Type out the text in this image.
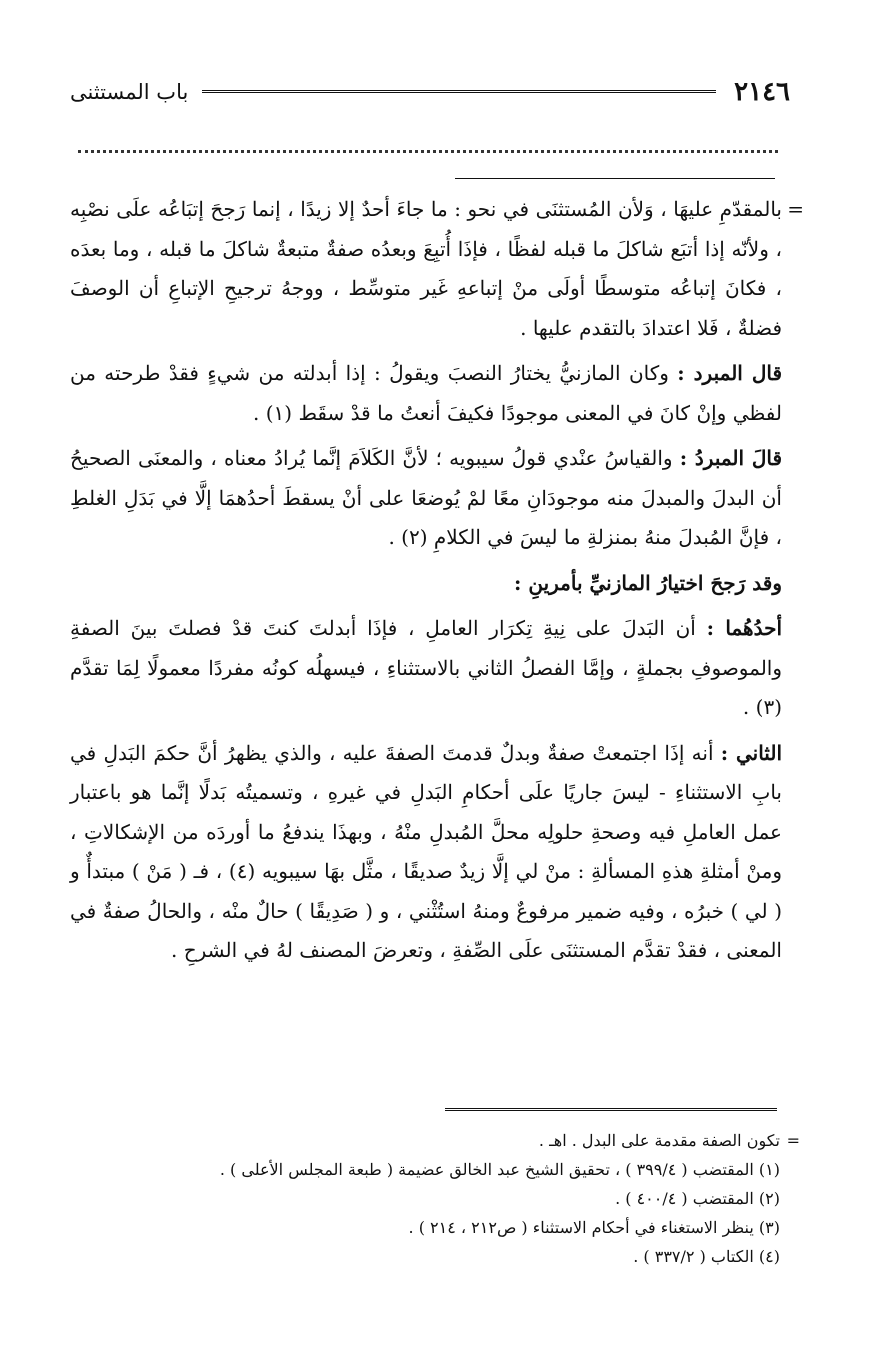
٢١٤٦
باب المستثنى
=

بالمقدّمِ عليهَا ، وَلأن المُستثنَى في نحو : ما جاءَ أحدٌ إلا زيدًا ، إنما رَجحَ إتبَاعُه علَى نصْبِه ، ولأنّه إذا أتبَع شاكلَ ما قبله لفظًا ، فإذَا أُتبِعَ وبعدُه صفةٌ متبعةٌ شاكلَ ما قبله ، وما بعدَه ، فكانَ إتباعُه متوسطًا أولَى منْ إتباعهِ غَير متوسِّط ، ووجهُ ترجيحِ الإتباعِ أن الوصفَ فضلةٌ ، فَلا اعتدادَ بالتقدم عليها .

قال المبرد : وكان المازنيُّ يختارُ النصبَ ويقولُ : إذا أبدلته من شيءٍ فقدْ طرحته من لفظي وإنْ كانَ في المعنى موجودًا فكيفَ أنعتُ ما قدْ سقَط (١) .

قالَ المبردُ : والقياسُ عنْدي قولُ سيبويه ؛ لأنَّ الكَلاَمَ إنَّما يُرادُ معناه ، والمعنَى الصحيحُ أن البدلَ والمبدلَ منه موجودَانِ معًا لمْ يُوضعَا على أنْ يسقطَ أحدُهمَا إلَّا في بَدَلِ الغلطِ ، فإنَّ المُبدلَ منهُ بمنزلةِ ما ليسَ في الكلامِ (٢) .

وقد رَجحَ اختيارُ المازنيِّ بأمرينِ :

أحدُهُما : أن البَدلَ على نِيةِ تِكرَار العاملِ ، فإذَا أبدلتَ كنتَ قدْ فصلتَ بينَ الصفةِ والموصوفِ بجملةٍ ، وإمَّا الفصلُ الثاني بالاستثناءِ ، فيسهلُه كونُه مفردًا معمولًا لِمَا تقدَّم (٣) .

الثاني : أنه إذَا اجتمعتْ صفةٌ وبدلٌ قدمتَ الصفةَ عليه ، والذي يظهرُ أنَّ حكمَ البَدلِ في بابِ الاستثناءِ - ليسَ جاريًا علَى أحكامِ البَدلِ في غيرهِ ، وتسميتُه بَدلًا إنَّما هو باعتبار عمل العاملِ فيه وصحةِ حلولِه محلَّ المُبدلِ منْهُ ، وبهذَا يندفعُ ما أوردَه من الإشكالاتِ ، ومنْ أمثلةِ هذهِ المسألةِ : منْ لي إلَّا زيدٌ صديقًا ، مثَّل بهَا سيبويه (٤) ، فـ ( مَنْ ) مبتدأٌ و ( لي ) خبرُه ، وفيه ضمير مرفوعٌ ومنهُ استُثْني ، و ( صَدِيقًا ) حالٌ منْه ، والحالُ صفةٌ في المعنى ، فقدْ تقدَّم المستثنَى علَى الصِّفةِ ، وتعرضَ المصنف لهُ في الشرحِ .

=
تكون الصفة مقدمة على البدل . اهـ .
(١) المقتضب ( ٣٩٩/٤ ) ، تحقيق الشيخ عبد الخالق عضيمة ( طبعة المجلس الأعلى ) .
(٢) المقتضب ( ٤٠٠/٤ ) .
(٣) ينظر الاستغناء في أحكام الاستثناء ( ص٢١٢ ، ٢١٤ ) .
(٤) الكتاب ( ٣٣٧/٢ ) .
